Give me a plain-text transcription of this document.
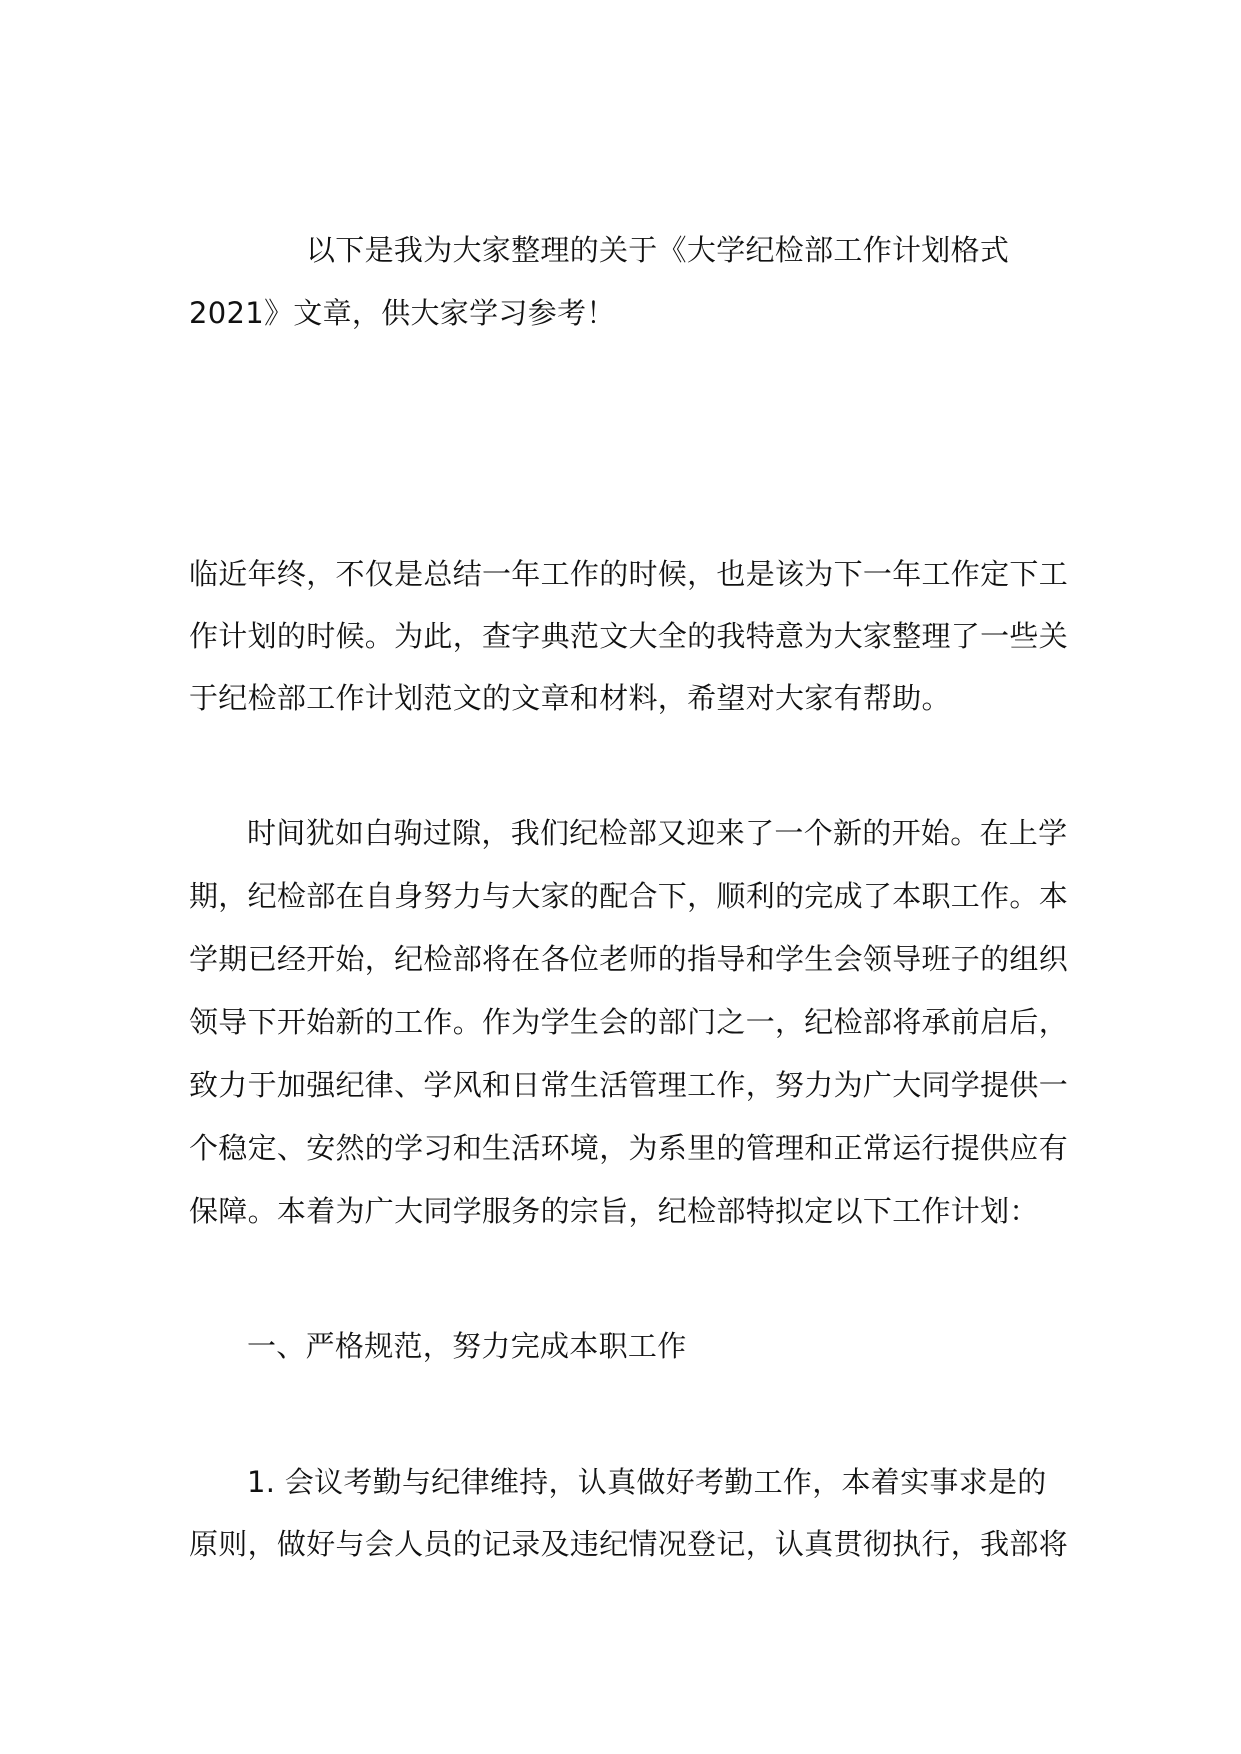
以下是我为大家整理的关于《大学纪检部工作计划格式
2021》文章，供大家学习参考！
临近年终，不仅是总结一年工作的时候，也是该为下一年工作定下工
作计划的时候。为此，查字典范文大全的我特意为大家整理了一些关
于纪检部工作计划范文的文章和材料，希望对大家有帮助。
时间犹如白驹过隙，我们纪检部又迎来了一个新的开始。在上学
期，纪检部在自身努力与大家的配合下，顺利的完成了本职工作。本
学期已经开始，纪检部将在各位老师的指导和学生会领导班子的组织
领导下开始新的工作。作为学生会的部门之一，纪检部将承前启后，
致力于加强纪律、学风和日常生活管理工作，努力为广大同学提供一
个稳定、安然的学习和生活环境，为系里的管理和正常运行提供应有
保障。本着为广大同学服务的宗旨，纪检部特拟定以下工作计划：
一、严格规范，努力完成本职工作
1. 会议考勤与纪律维持，认真做好考勤工作，本着实事求是的
原则，做好与会人员的记录及违纪情况登记，认真贯彻执行，我部将
